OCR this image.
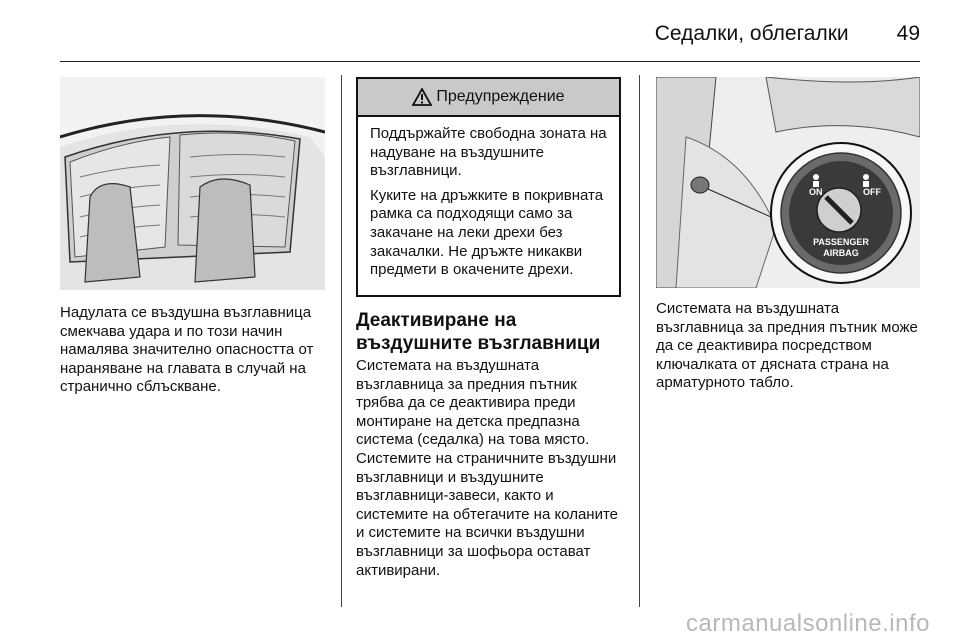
Седалки, облегалки 49

Надулата се въздушна възглавница смекчава удара и по този начин намалява значително опасността от нараняване на главата в случай на странично сблъскване.

Предупреждение

Поддържайте свободна зоната на надуване на въздушните възглавници.

Куките на дръжките в покривната рамка са подходящи само за закачане на леки дрехи без закачалки. Не дръжте никакви предмети в окачените дрехи.

Деактивиране на въздушните възглавници

Системата на въздушната възглавница за предния пътник трябва да се деактивира преди монтиране на детска предпазна система (седалка) на това място. Системите на страничните въздушни възглавници и въздушните възглавници-завеси, както и системите на обтегачите на коланите и системите на всички въздушни възглавници за шофьора остават активирани.

ON	OFF
PASSENGER
AIRBAG

Системата на въздушната възглавница за предния пътник може да се деактивира посредством ключалката от дясната страна на арматурното табло.

carmanualsonline.info
